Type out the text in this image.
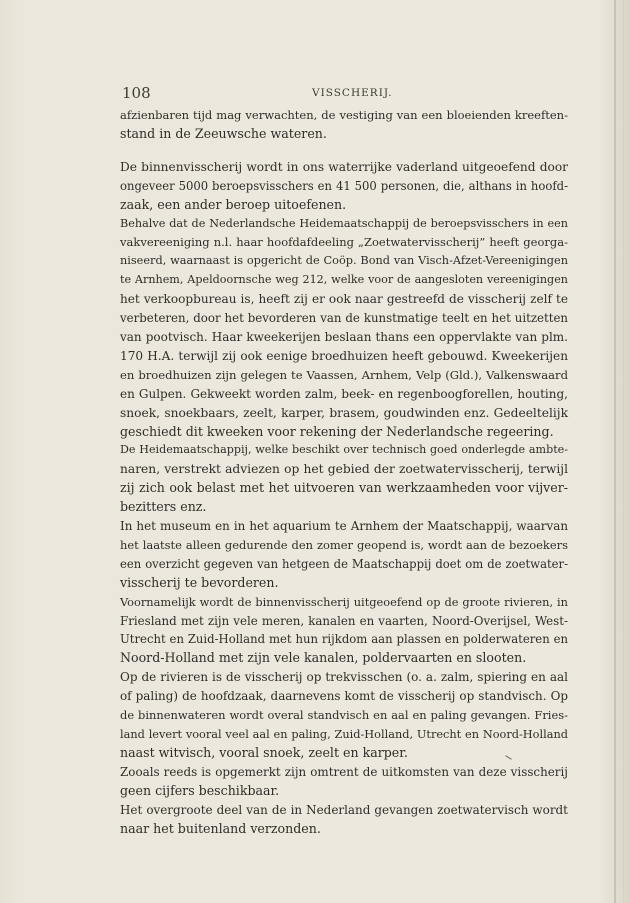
108	VISSCHERIJ.

afzienbaren tijd mag verwachten, de vestiging van een bloeienden kreeften-
stand in de Zeeuwsche wateren.

De binnenvisscherij wordt in ons waterrijke vaderland uitgeoefend door
ongeveer 5000 beroepsvisschers en 41 500 personen, die, althans in hoofd-
zaak, een ander beroep uitoefenen.

Behalve dat de Nederlandsche Heidemaatschappij de beroepsvisschers in een
vakvereeniging n.l. haar hoofdafdeeling „Zoetwatervisscherij” heeft georga-
niseerd, waarnaast is opgericht de Coöp. Bond van Visch-Afzet-Vereenigingen
te Arnhem, Apeldoornsche weg 212, welke voor de aangesloten vereenigingen
het verkoopbureau is, heeft zij er ook naar gestreefd de visscherij zelf te
verbeteren, door het bevorderen van de kunstmatige teelt en het uitzetten
van pootvisch. Haar kweekerijen beslaan thans een oppervlakte van plm.
170 H.A. terwijl zij ook eenige broedhuizen heeft gebouwd. Kweekerijen
en broedhuizen zijn gelegen te Vaassen, Arnhem, Velp (Gld.), Valkenswaard
en Gulpen. Gekweekt worden zalm, beek- en regenboogforellen, houting,
snoek, snoekbaars, zeelt, karper, brasem, goudwinden enz. Gedeeltelijk
geschiedt dit kweeken voor rekening der Nederlandsche regeering.

De Heidemaatschappij, welke beschikt over technisch goed onderlegde ambte-
naren, verstrekt adviezen op het gebied der zoetwatervisscherij, terwijl
zij zich ook belast met het uitvoeren van werkzaamheden voor vijver-
bezitters enz.

In het museum en in het aquarium te Arnhem der Maatschappij, waarvan
het laatste alleen gedurende den zomer geopend is, wordt aan de bezoekers
een overzicht gegeven van hetgeen de Maatschappij doet om de zoetwater-
visscherij te bevorderen.

Voornamelijk wordt de binnenvisscherij uitgeoefend op de groote rivieren, in
Friesland met zijn vele meren, kanalen en vaarten, Noord-Overijsel, West-
Utrecht en Zuid-Holland met hun rijkdom aan plassen en polderwateren en
Noord-Holland met zijn vele kanalen, poldervaarten en slooten.

Op de rivieren is de visscherij op trekvisschen (o. a. zalm, spiering en aal
of paling) de hoofdzaak, daarnevens komt de visscherij op standvisch. Op
de binnenwateren wordt overal standvisch en aal en paling gevangen. Fries-
land levert vooral veel aal en paling, Zuid-Holland, Utrecht en Noord-Holland
naast witvisch, vooral snoek, zeelt en karper.

Zooals reeds is opgemerkt zijn omtrent de uitkomsten van deze visscherij
geen cijfers beschikbaar.

Het overgroote deel van de in Nederland gevangen zoetwatervisch wordt
naar het buitenland verzonden.
